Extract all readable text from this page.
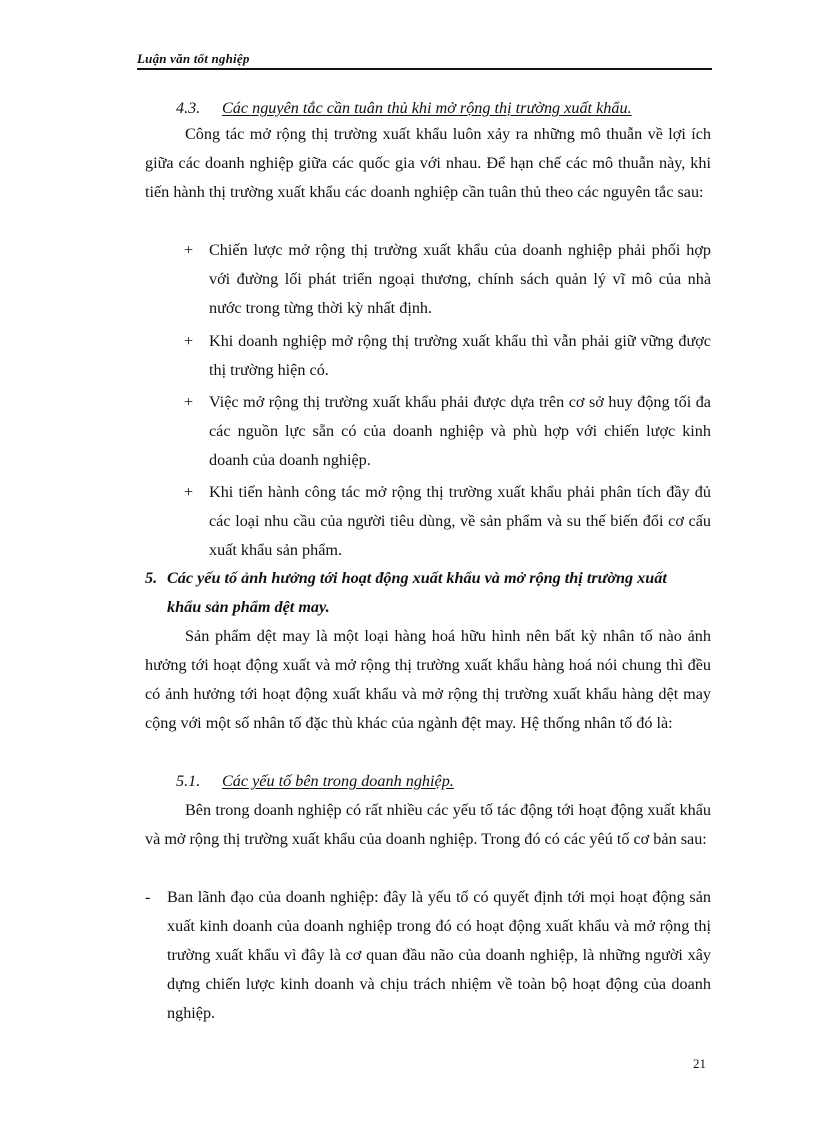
Luận văn tốt nghiệp
4.3. Các nguyên tắc cần tuân thủ khi mở rộng thị trường xuất khẩu.
Công tác mở rộng thị trường xuất khẩu luôn xảy ra những mô thuẫn về lợi ích giữa các doanh nghiệp giữa các quốc gia với nhau. Để hạn chế các mô thuẫn này, khi tiến hành thị trường xuất khẩu các doanh nghiệp cần tuân thủ theo các nguyên tắc sau:
+ Chiến lược mở rộng thị trường xuất khẩu của doanh nghiệp phải phối hợp với đường lối phát triển ngoại thương, chính sách quản lý vĩ mô của nhà nước trong từng thời kỳ nhất định.
+ Khi doanh nghiệp mở rộng thị trường xuất khẩu thì vẫn phải giữ vững được thị trường hiện có.
+ Việc mở rộng thị trường xuất khẩu phải được dựa trên cơ sở huy động tối đa các nguồn lực sẵn có của doanh nghiệp và phù hợp với chiến lược kinh doanh của doanh nghiệp.
+ Khi tiến hành công tác mở rộng thị trường xuất khẩu phải phân tích đầy đủ các loại nhu cầu của người tiêu dùng, về sản phẩm và su thế biến đổi cơ cấu xuất khẩu sản phẩm.
5. Các yếu tố ảnh hưởng tới hoạt động xuất khẩu và mở rộng thị trường xuất
khẩu sản phẩm dệt may.
Sản phẩm dệt may là một loại hàng hoá hữu hình nên bất kỳ nhân tố nào ảnh hưởng tới hoạt động xuất và mở rộng thị trường xuất khẩu hàng hoá nói chung thì đều có ảnh hưởng tới hoạt động xuất khẩu và mở rộng thị trường xuất khẩu hàng dệt may cộng với một số nhân tố đặc thù khác của ngành đệt may. Hệ thống nhân tố đó là:
5.1. Các yếu tố bên trong doanh nghiệp.
Bên trong doanh nghiệp có rất nhiều các yếu tố tác động tới hoạt động xuất khẩu và mở rộng thị trường xuất khẩu của doanh nghiệp. Trong đó có các yêú tố cơ bản sau:
- Ban lãnh đạo của doanh nghiệp: đây là yếu tố có quyết định tới mọi hoạt động sản xuất kinh doanh của doanh nghiệp trong đó có hoạt động xuất khẩu và mở rộng thị trường xuất khẩu vì đây là cơ quan đầu não của doanh nghiệp, là những người xây dựng chiến lược kinh doanh và chịu trách nhiệm về toàn bộ hoạt động của doanh nghiệp.
21
